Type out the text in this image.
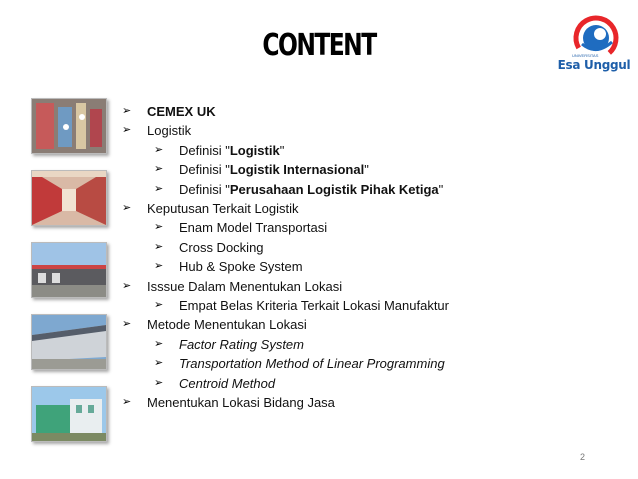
CONTENT	UNIVERSITAS
Esa Unggul
➢	CEMEX UK
➢	Logistik
➢	Definisi "Logistik"
➢	Definisi "Logistik Internasional"
➢	Definisi "Perusahaan Logistik Pihak Ketiga"
➢	Keputusan Terkait Logistik
➢	Enam Model Transportasi
➢	Cross Docking
➢	Hub & Spoke System
➢	Isssue Dalam Menentukan Lokasi
➢	Empat Belas Kriteria Terkait Lokasi Manufaktur
➢	Metode Menentukan Lokasi
➢	Factor Rating System
➢	Transportation Method of Linear Programming
➢	Centroid Method
➢	Menentukan Lokasi Bidang Jasa
2
